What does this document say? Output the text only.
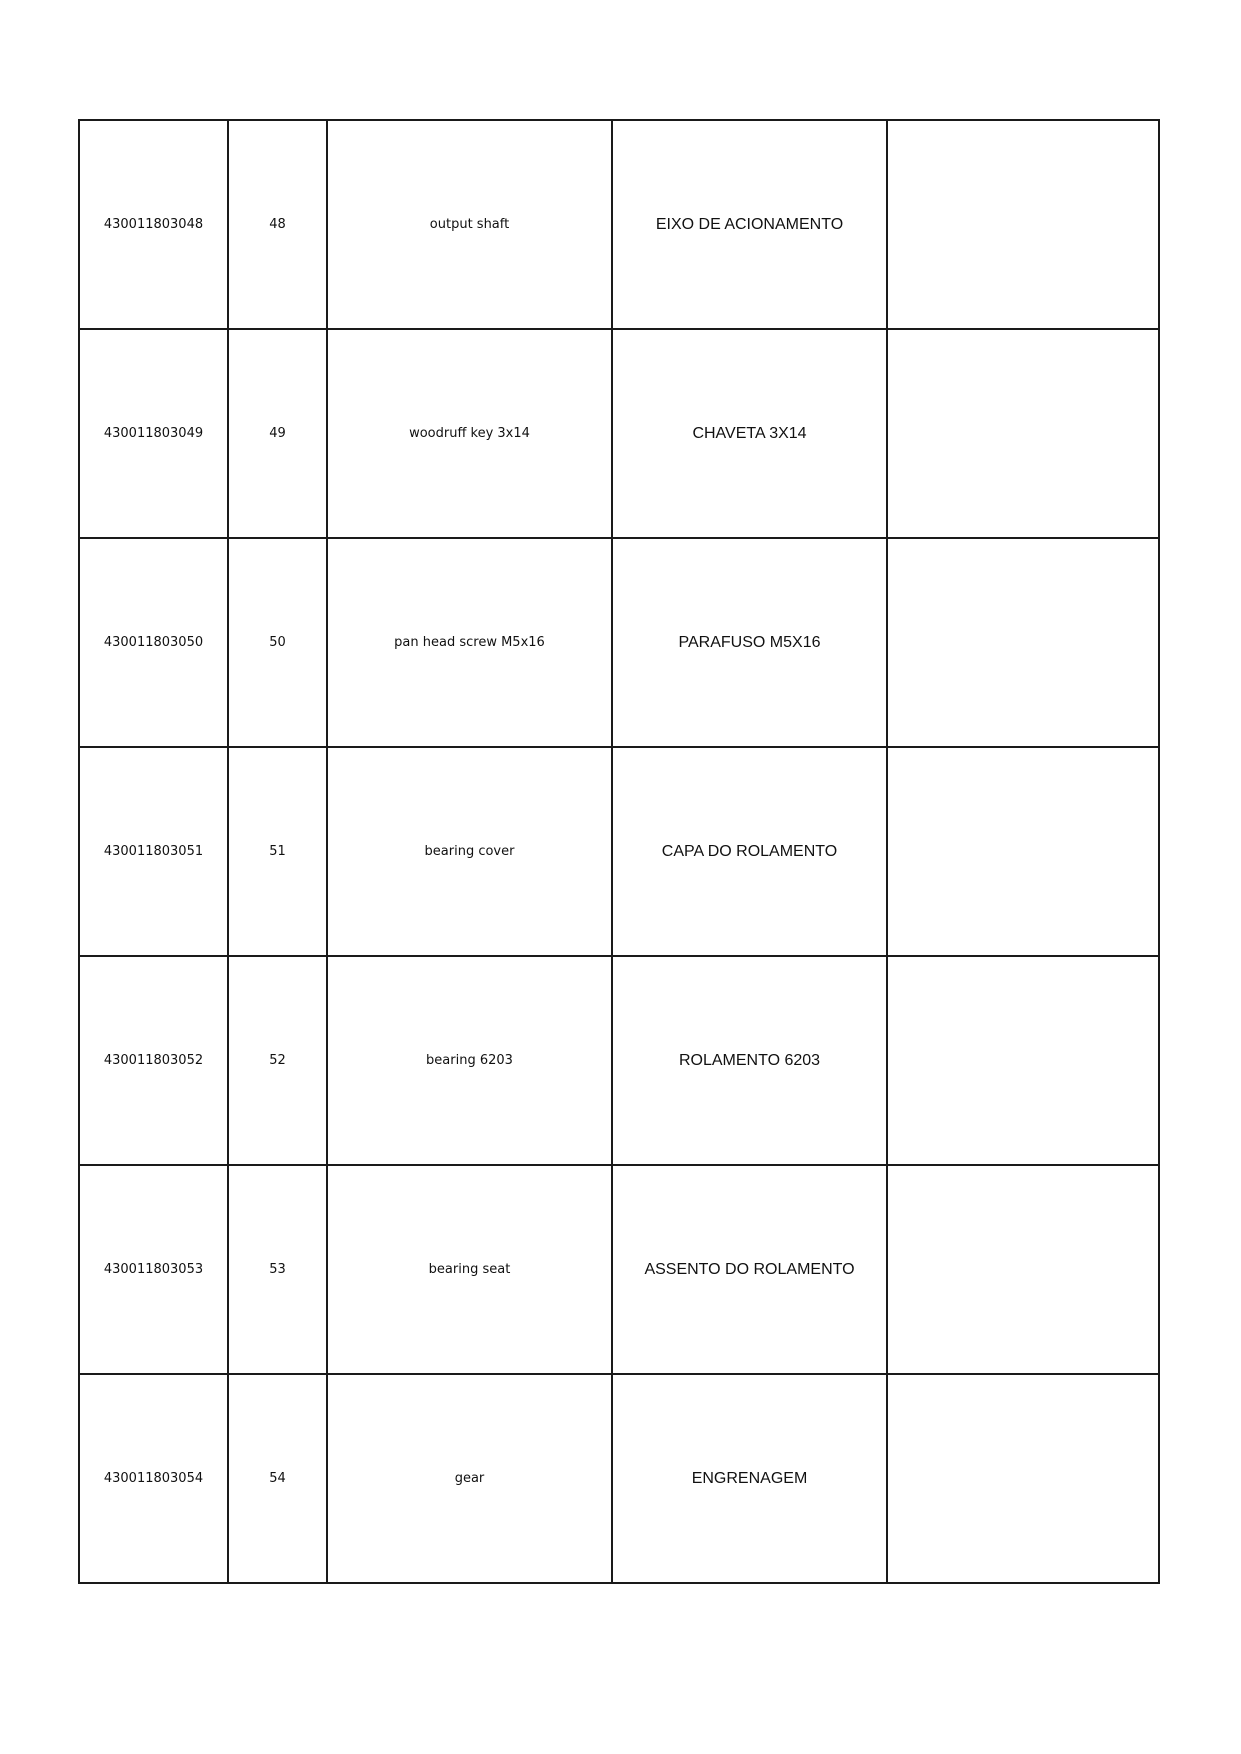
430011803048	48	output shaft	EIXO DE ACIONAMENTO	
430011803049	49	woodruff key 3x14	CHAVETA 3X14	
430011803050	50	pan head screw M5x16	PARAFUSO M5X16	
430011803051	51	bearing cover	CAPA DO ROLAMENTO	
430011803052	52	bearing 6203	ROLAMENTO 6203	
430011803053	53	bearing seat	ASSENTO DO ROLAMENTO	
430011803054	54	gear	ENGRENAGEM	
